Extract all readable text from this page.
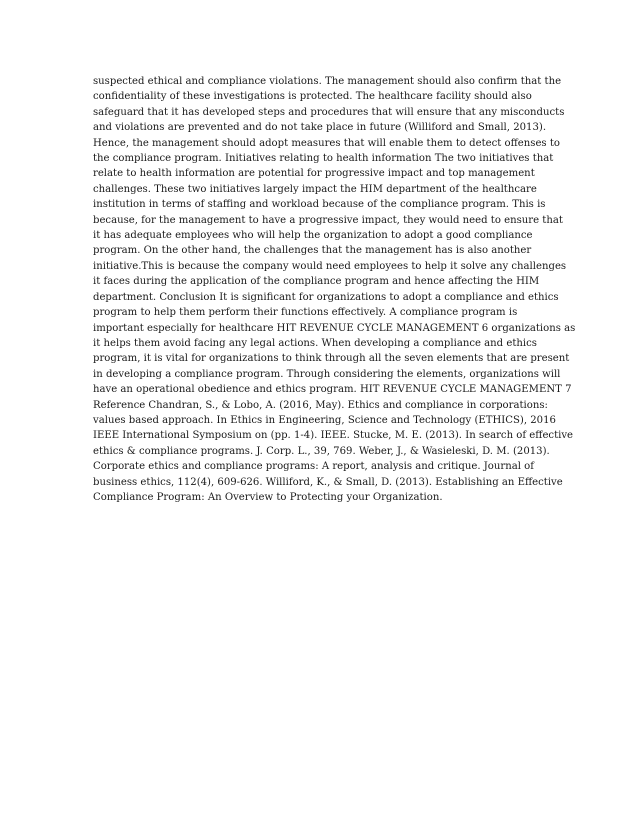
suspected ethical and compliance violations. The management should also confirm that the
confidentiality of these investigations is protected. The healthcare facility should also
safeguard that it has developed steps and procedures that will ensure that any misconducts
and violations are prevented and do not take place in future (Williford and Small, 2013).
Hence, the management should adopt measures that will enable them to detect offenses to
the compliance program. Initiatives relating to health information The two initiatives that
relate to health information are potential for progressive impact and top management
challenges. These two initiatives largely impact the HIM department of the healthcare
institution in terms of staffing and workload because of the compliance program. This is
because, for the management to have a progressive impact, they would need to ensure that
it has adequate employees who will help the organization to adopt a good compliance
program. On the other hand, the challenges that the management has is also another
initiative.This is because the company would need employees to help it solve any challenges
it faces during the application of the compliance program and hence affecting the HIM
department. Conclusion It is significant for organizations to adopt a compliance and ethics
program to help them perform their functions effectively. A compliance program is
important especially for healthcare HIT REVENUE CYCLE MANAGEMENT 6 organizations as
it helps them avoid facing any legal actions. When developing a compliance and ethics
program, it is vital for organizations to think through all the seven elements that are present
in developing a compliance program. Through considering the elements, organizations will
have an operational obedience and ethics program. HIT REVENUE CYCLE MANAGEMENT 7
Reference Chandran, S., & Lobo, A. (2016, May). Ethics and compliance in corporations:
values based approach. In Ethics in Engineering, Science and Technology (ETHICS), 2016
IEEE International Symposium on (pp. 1-4). IEEE. Stucke, M. E. (2013). In search of effective
ethics & compliance programs. J. Corp. L., 39, 769. Weber, J., & Wasieleski, D. M. (2013).
Corporate ethics and compliance programs: A report, analysis and critique. Journal of
business ethics, 112(4), 609-626. Williford, K., & Small, D. (2013). Establishing an Effective
Compliance Program: An Overview to Protecting your Organization.
